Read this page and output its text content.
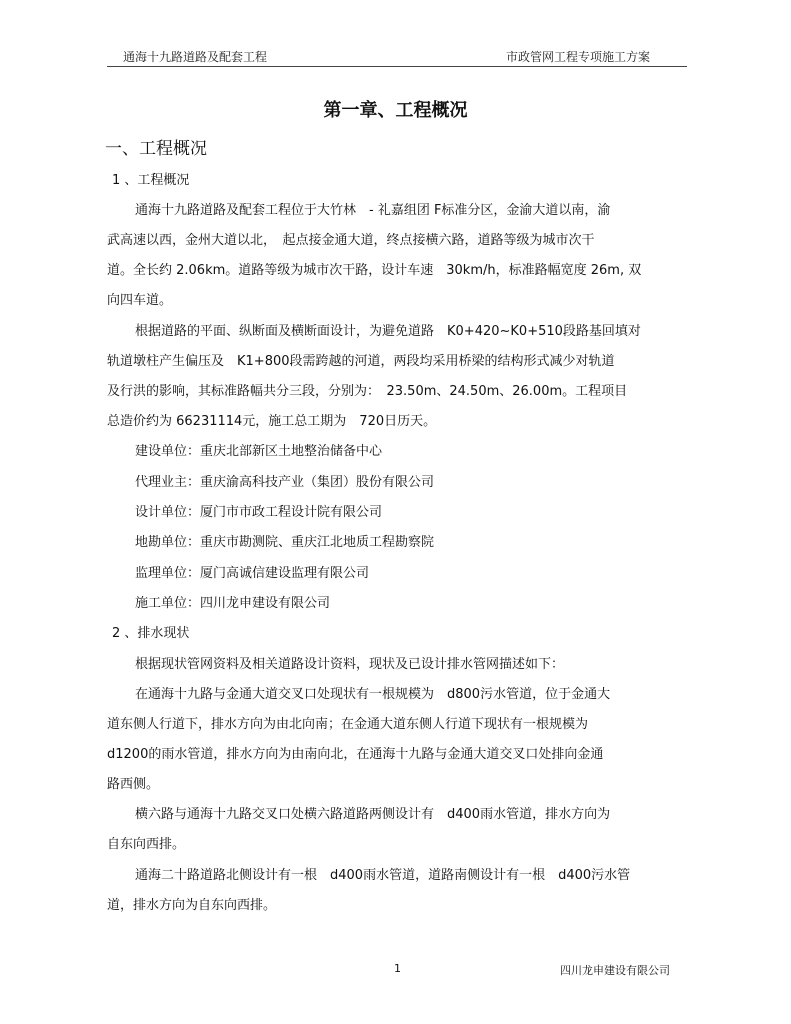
通海十九路道路及配套工程	市政管网工程专项施工方案
第一章、工程概况
一、工程概况
1 、工程概况
通海十九路道路及配套工程位于大竹林　- 礼嘉组团 F标准分区，金渝大道以南，渝
武高速以西，金州大道以北，　起点接金通大道，终点接横六路，道路等级为城市次干
道。全长约 2.06km。道路等级为城市次干路，设计车速　30km/h，标准路幅宽度 26m, 双
向四车道。
根据道路的平面、纵断面及横断面设计，为避免道路　K0+420~K0+510段路基回填对
轨道墩柱产生偏压及　K1+800段需跨越的河道，两段均采用桥梁的结构形式减少对轨道
及行洪的影响，其标准路幅共分三段，分别为：　23.50m、24.50m、26.00m。工程项目
总造价约为 66231114元，施工总工期为　720日历天。
建设单位：重庆北部新区土地整治储备中心
代理业主：重庆渝高科技产业（集团）股份有限公司
设计单位：厦门市市政工程设计院有限公司
地勘单位：重庆市勘测院、重庆江北地质工程勘察院
监理单位：厦门高诚信建设监理有限公司
施工单位：四川龙申建设有限公司
2 、排水现状
根据现状管网资料及相关道路设计资料，现状及已设计排水管网描述如下：
在通海十九路与金通大道交叉口处现状有一根规模为　d800污水管道，位于金通大
道东侧人行道下，排水方向为由北向南；在金通大道东侧人行道下现状有一根规模为
d1200的雨水管道，排水方向为由南向北，在通海十九路与金通大道交叉口处排向金通
路西侧。
横六路与通海十九路交叉口处横六路道路两侧设计有　d400雨水管道，排水方向为
自东向西排。
通海二十路道路北侧设计有一根　d400雨水管道，道路南侧设计有一根　d400污水管
道，排水方向为自东向西排。
1	四川龙申建设有限公司
